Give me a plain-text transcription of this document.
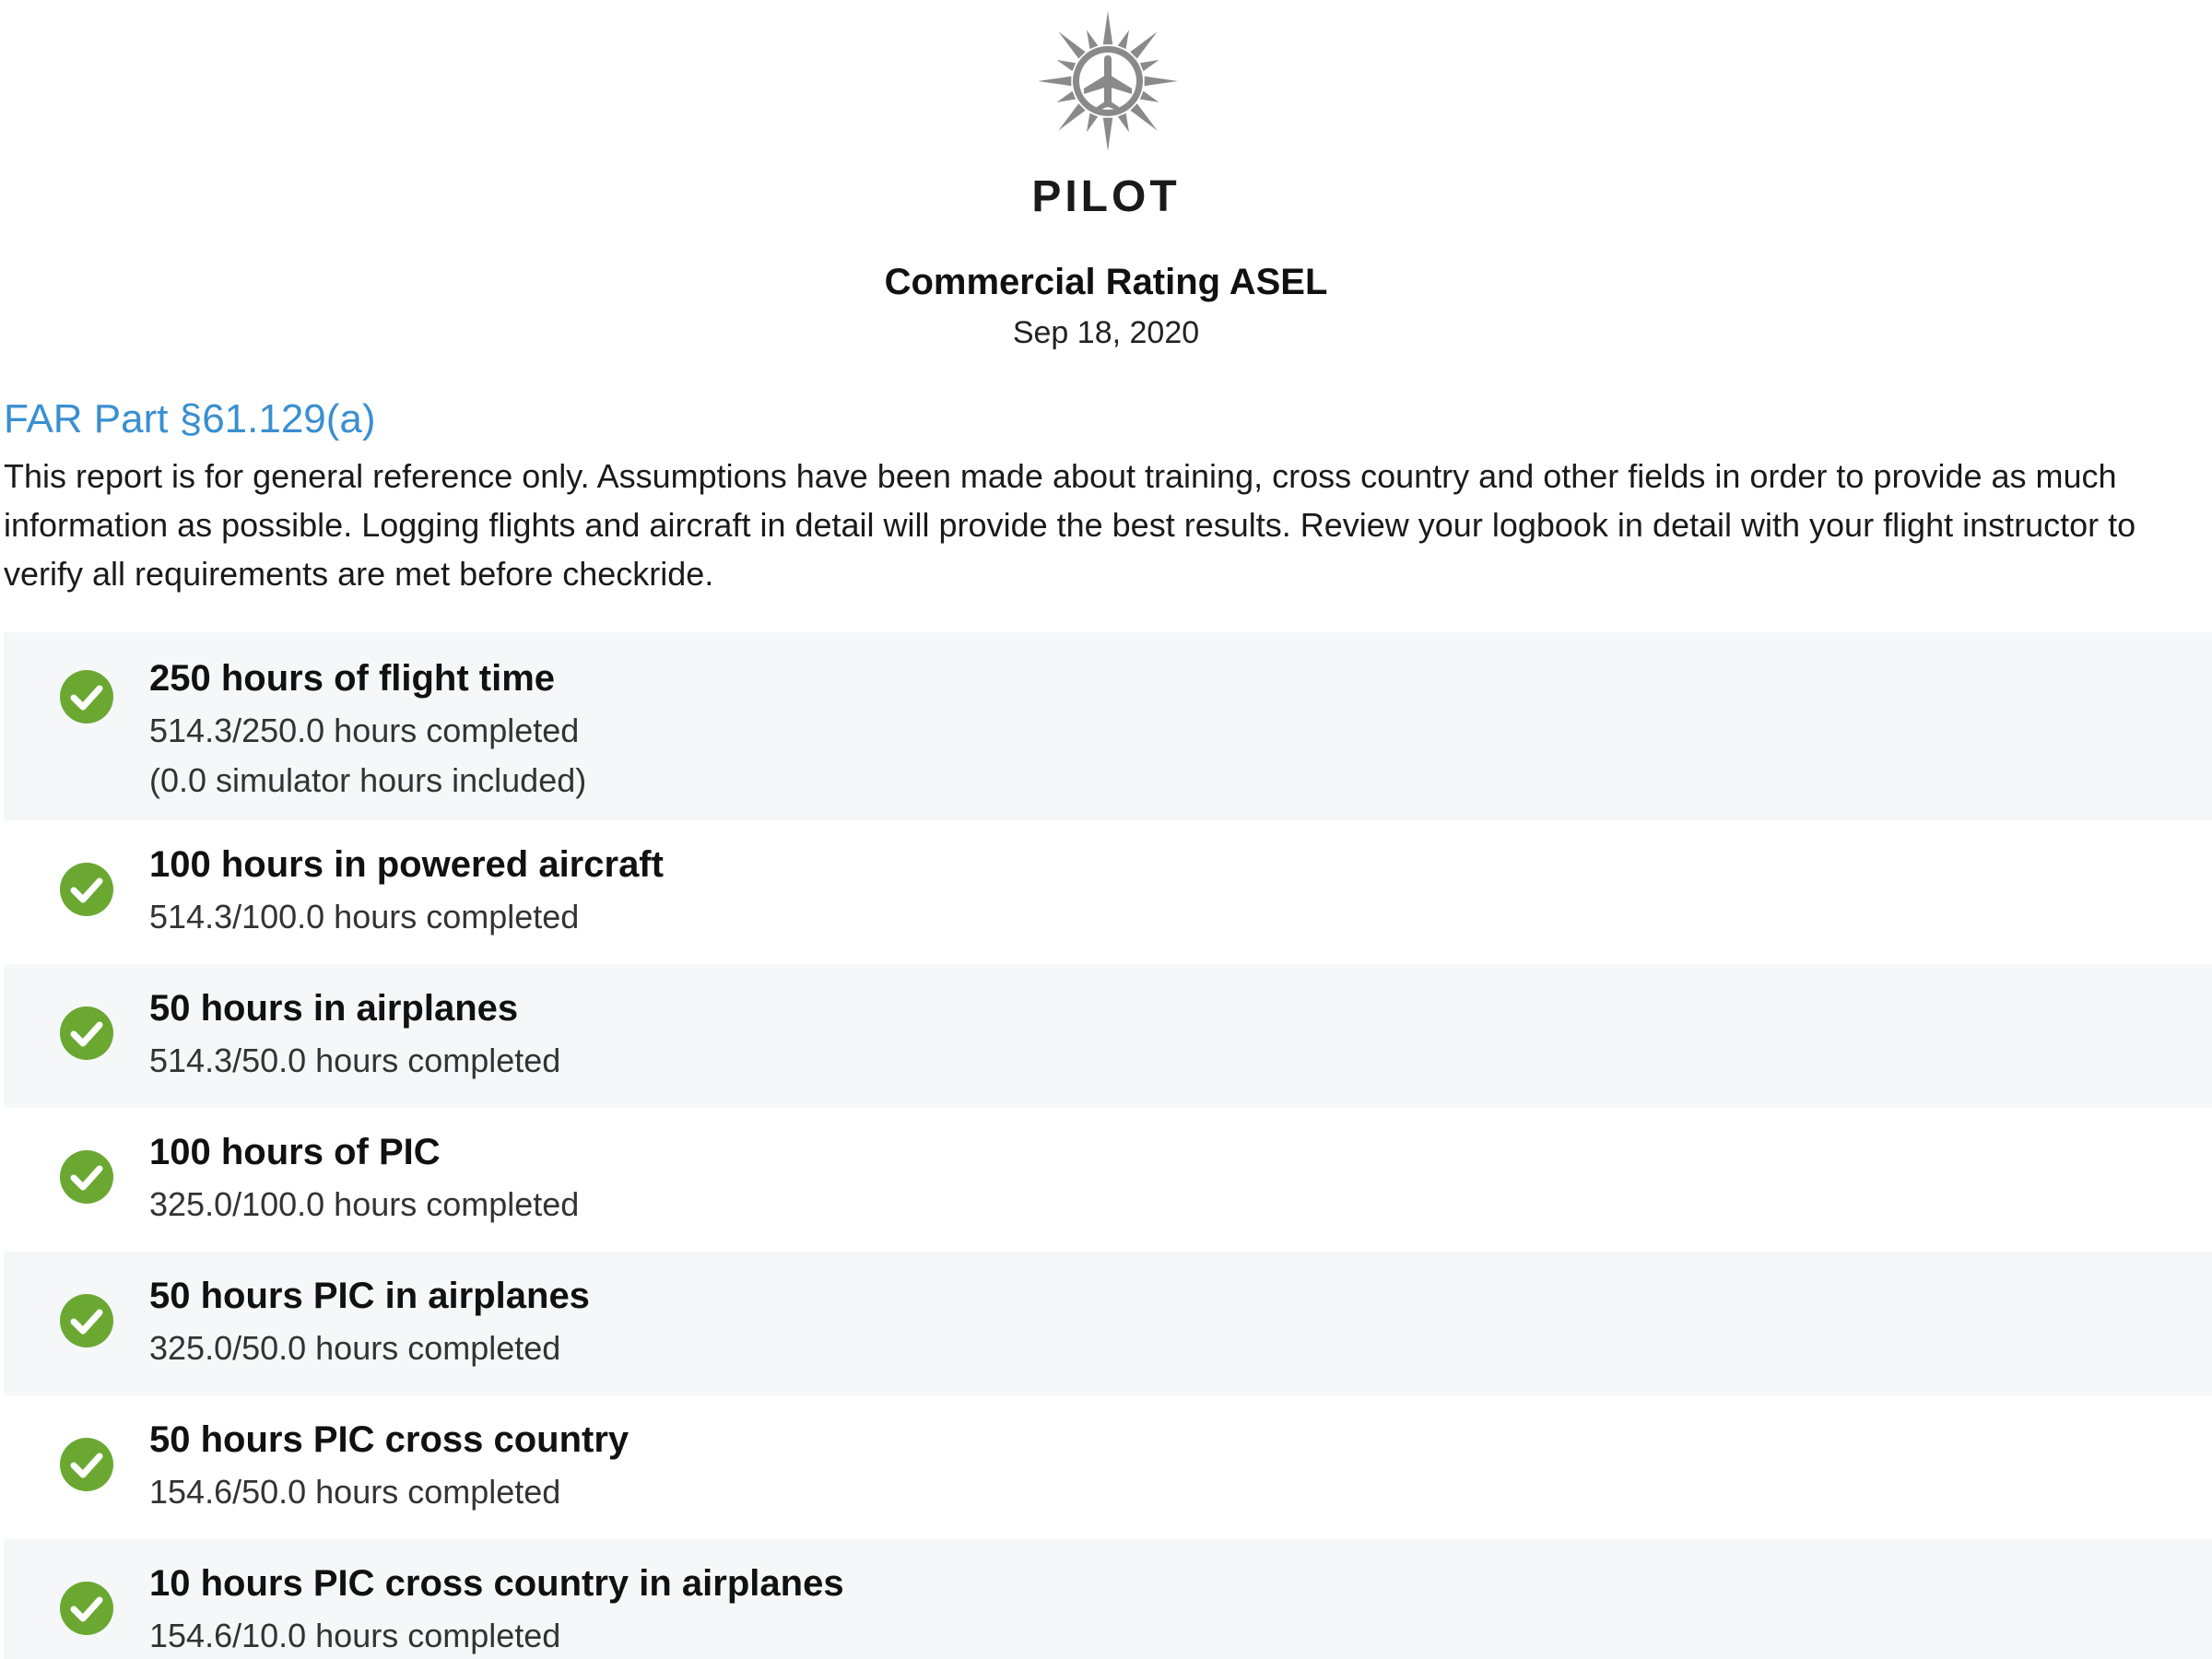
PILOT
Commercial Rating ASEL
Sep 18, 2020
FAR Part §61.129(a)
This report is for general reference only. Assumptions have been made about training, cross country and other fields in order to provide as much information as possible. Logging flights and aircraft in detail will provide the best results. Review your logbook in detail with your flight instructor to verify all requirements are met before checkride.
250 hours of flight time
514.3/250.0 hours completed
(0.0 simulator hours included)
100 hours in powered aircraft
514.3/100.0 hours completed
50 hours in airplanes
514.3/50.0 hours completed
100 hours of PIC
325.0/100.0 hours completed
50 hours PIC in airplanes
325.0/50.0 hours completed
50 hours PIC cross country
154.6/50.0 hours completed
10 hours PIC cross country in airplanes
154.6/10.0 hours completed
